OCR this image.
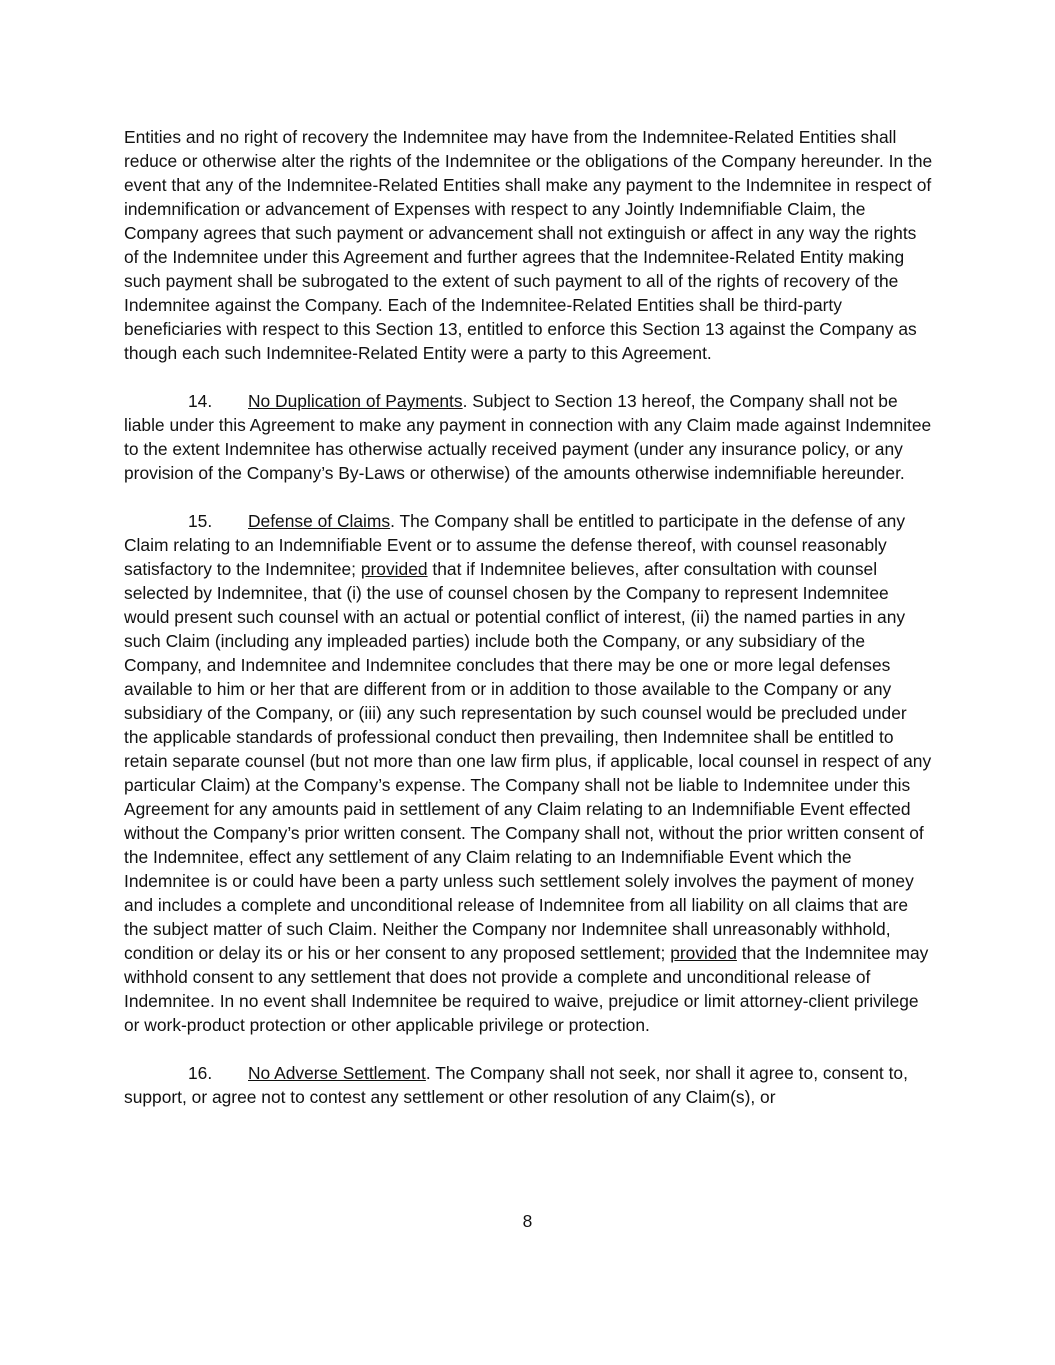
Entities and no right of recovery the Indemnitee may have from the Indemnitee-Related Entities shall reduce or otherwise alter the rights of the Indemnitee or the obligations of the Company hereunder. In the event that any of the Indemnitee-Related Entities shall make any payment to the Indemnitee in respect of indemnification or advancement of Expenses with respect to any Jointly Indemnifiable Claim, the Company agrees that such payment or advancement shall not extinguish or affect in any way the rights of the Indemnitee under this Agreement and further agrees that the Indemnitee-Related Entity making such payment shall be subrogated to the extent of such payment to all of the rights of recovery of the Indemnitee against the Company. Each of the Indemnitee-Related Entities shall be third-party beneficiaries with respect to this Section 13, entitled to enforce this Section 13 against the Company as though each such Indemnitee-Related Entity were a party to this Agreement.

14. No Duplication of Payments. Subject to Section 13 hereof, the Company shall not be liable under this Agreement to make any payment in connection with any Claim made against Indemnitee to the extent Indemnitee has otherwise actually received payment (under any insurance policy, or any provision of the Company’s By-Laws or otherwise) of the amounts otherwise indemnifiable hereunder.

15. Defense of Claims. The Company shall be entitled to participate in the defense of any Claim relating to an Indemnifiable Event or to assume the defense thereof, with counsel reasonably satisfactory to the Indemnitee; provided that if Indemnitee believes, after consultation with counsel selected by Indemnitee, that (i) the use of counsel chosen by the Company to represent Indemnitee would present such counsel with an actual or potential conflict of interest, (ii) the named parties in any such Claim (including any impleaded parties) include both the Company, or any subsidiary of the Company, and Indemnitee and Indemnitee concludes that there may be one or more legal defenses available to him or her that are different from or in addition to those available to the Company or any subsidiary of the Company, or (iii) any such representation by such counsel would be precluded under the applicable standards of professional conduct then prevailing, then Indemnitee shall be entitled to retain separate counsel (but not more than one law firm plus, if applicable, local counsel in respect of any particular Claim) at the Company’s expense. The Company shall not be liable to Indemnitee under this Agreement for any amounts paid in settlement of any Claim relating to an Indemnifiable Event effected without the Company’s prior written consent. The Company shall not, without the prior written consent of the Indemnitee, effect any settlement of any Claim relating to an Indemnifiable Event which the Indemnitee is or could have been a party unless such settlement solely involves the payment of money and includes a complete and unconditional release of Indemnitee from all liability on all claims that are the subject matter of such Claim. Neither the Company nor Indemnitee shall unreasonably withhold, condition or delay its or his or her consent to any proposed settlement; provided that the Indemnitee may withhold consent to any settlement that does not provide a complete and unconditional release of Indemnitee. In no event shall Indemnitee be required to waive, prejudice or limit attorney-client privilege or work-product protection or other applicable privilege or protection.

16. No Adverse Settlement. The Company shall not seek, nor shall it agree to, consent to, support, or agree not to contest any settlement or other resolution of any Claim(s), or

8
